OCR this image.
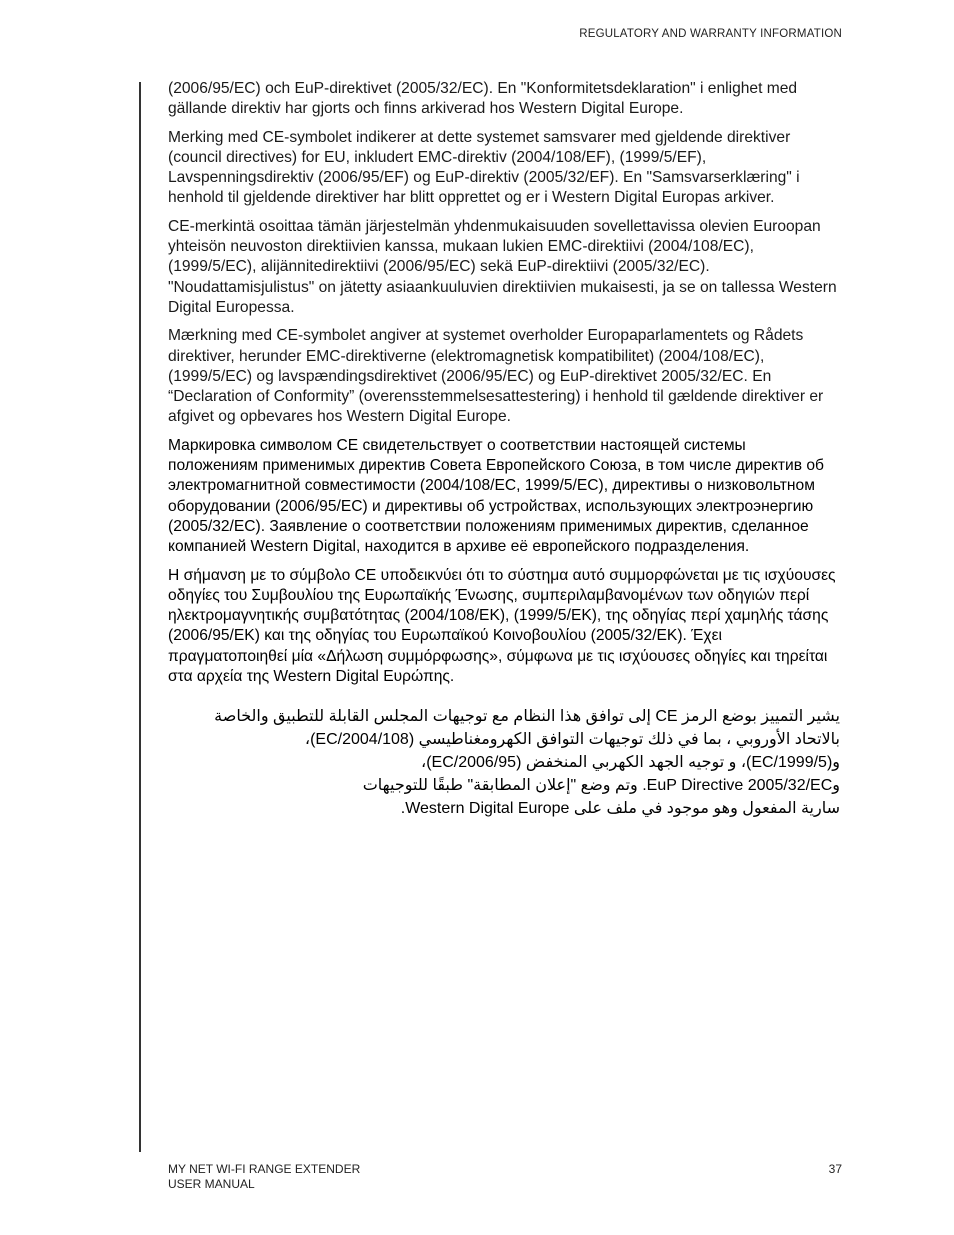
REGULATORY AND WARRANTY INFORMATION

(2006/95/EC) och EuP-direktivet (2005/32/EC). En "Konformitetsdeklaration" i enlighet med gällande direktiv har gjorts och finns arkiverad hos Western Digital Europe.

Merking med CE-symbolet indikerer at dette systemet samsvarer med gjeldende direktiver (council directives) for EU, inkludert EMC-direktiv (2004/108/EF), (1999/5/EF), Lavspenningsdirektiv (2006/95/EF) og EuP-direktiv (2005/32/EF). En "Samsvarserklæring" i henhold til gjeldende direktiver har blitt opprettet og er i Western Digital Europas arkiver.

CE-merkintä osoittaa tämän järjestelmän yhdenmukaisuuden sovellettavissa olevien Euroopan yhteisön neuvoston direktiivien kanssa, mukaan lukien EMC-direktiivi (2004/108/EC), (1999/5/EC), alijännitedirektiivi (2006/95/EC) sekä EuP-direktiivi (2005/32/EC). "Noudattamisjulistus" on jätetty asiaankuuluvien direktiivien mukaisesti, ja se on tallessa Western Digital Europessa.

Mærkning med CE-symbolet angiver at systemet overholder Europaparlamentets og Rådets direktiver, herunder EMC-direktiverne (elektromagnetisk kompatibilitet) (2004/108/EC), (1999/5/EC) og lavspændingsdirektivet (2006/95/EC) og EuP-direktivet 2005/32/EC. En “Declaration of Conformity” (overensstemmelsesattestering) i henhold til gældende direktiver er afgivet og opbevares hos Western Digital Europe.

Маркировка символом CE свидетельствует о соответствии настоящей системы положениям применимых директив Совета Европейского Союза, в том числе директив об электромагнитной совместимости (2004/108/EC, 1999/5/EC), директивы о низковольтном оборудовании (2006/95/EC) и директивы об устройствах, использующих электроэнергию (2005/32/EC). Заявление о соответствии положениям применимых директив, сделанное компанией Western Digital, находится в архиве её европейского подразделения.

Η σήμανση με το σύμβολο CE υποδεικνύει ότι το σύστημα αυτό συμμορφώνεται με τις ισχύουσες οδηγίες του Συμβουλίου της Ευρωπαϊκής Ένωσης, συμπεριλαμβανομένων των οδηγιών περί ηλεκτρομαγνητικής συμβατότητας (2004/108/EK), (1999/5/EK), της οδηγίας περί χαμηλής τάσης (2006/95/EK) και της οδηγίας του Ευρωπαϊκού Κοινοβουλίου (2005/32/EK). Έχει πραγματοποιηθεί μία «Δήλωση συμμόρφωσης», σύμφωνα με τις ισχύουσες οδηγίες και τηρείται στα αρχεία της Western Digital Ευρώπης.

يشير التمييز بوضع الرمز CE إلى توافق هذا النظام مع توجيهات المجلس القابلة للتطبيق والخاصة
بالاتحاد الأوروبي ، بما في ذلك توجيهات التوافق الكهرومغناطيسي (2004/108/EC)،
و(1999/5/EC)، و توجيه الجهد الكهربي المنخفض (2006/95/EC)،
وEuP Directive 2005/32/EC. وتم وضع "إعلان المطابقة" طبقًا للتوجيهات
سارية المفعول وهو موجود في ملف على Western Digital Europe.

MY NET WI-FI RANGE EXTENDER
USER MANUAL
37
